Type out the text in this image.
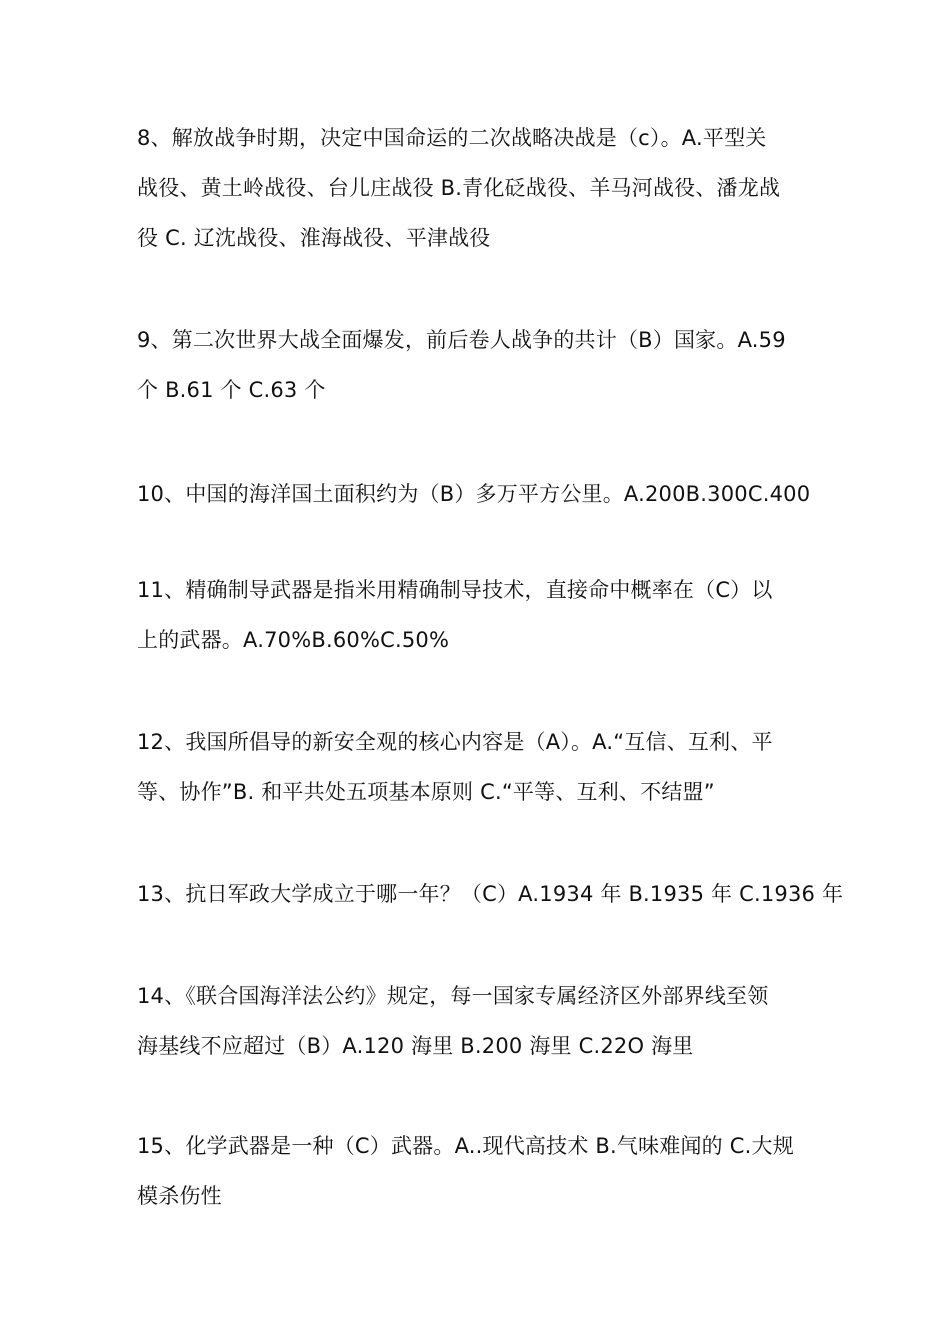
8、解放战争时期，决定中国命运的二次战略决战是（c）。A.平型关
战役、黄土岭战役、台儿庄战役 B.青化砭战役、羊马河战役、潘龙战
役 C. 辽沈战役、淮海战役、平津战役

9、第二次世界大战全面爆发，前后卷人战争的共计（B）国家。A.59
个 B.61 个 C.63 个

10、中国的海洋国土面积约为（B）多万平方公里。A.200B.300C.400

11、精确制导武器是指米用精确制导技术，直接命中概率在（C）以
上的武器。A.70%B.60%C.50%

12、我国所倡导的新安全观的核心内容是（A）。A.“互信、互利、平
等、协作”B. 和平共处五项基本原则 C.“平等、互利、不结盟”

13、抗日军政大学成立于哪一年？（C）A.1934 年 B.1935 年 C.1936 年

14、《联合国海洋法公约》规定，每一国家专属经济区外部界线至领
海基线不应超过（B）A.120 海里 B.200 海里 C.22O 海里

15、化学武器是一种（C）武器。A..现代高技术 B.气味难闻的 C.大规
模杀伤性
